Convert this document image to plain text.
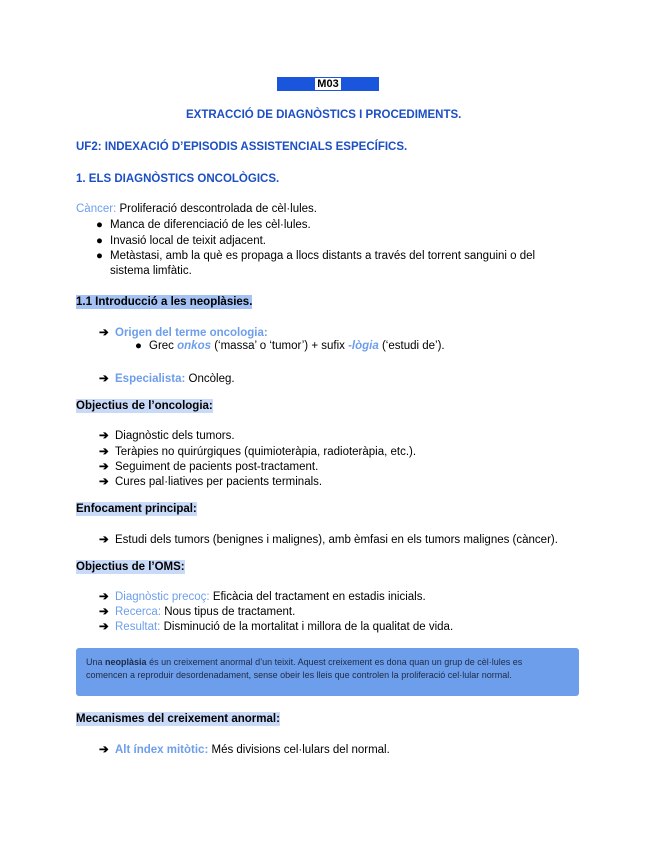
M03
EXTRACCIÓ DE DIAGNÒSTICS I PROCEDIMENTS.
UF2: INDEXACIÓ D’EPISODIS ASSISTENCIALS ESPECÍFICS.
1. ELS DIAGNÒSTICS ONCOLÒGICS.
Càncer: Proliferació descontrolada de cèl·lules.
● Manca de diferenciació de les cèl·lules.
● Invasió local de teixit adjacent.
● Metàstasi, amb la què es propaga a llocs distants a través del torrent sanguini o del
sistema limfàtic.
1.1 Introducció a les neoplàsies.
➔ Origen del terme oncologia:
● Grec onkos (‘massa’ o ‘tumor’) + sufix -lògia (‘estudi de’).
➔ Especialista: Oncòleg.
Objectius de l’oncologia:
➔ Diagnòstic dels tumors.
➔ Teràpies no quirúrgiques (quimioteràpia, radioteràpia, etc.).
➔ Seguiment de pacients post-tractament.
➔ Cures pal·liatives per pacients terminals.
Enfocament principal:
➔ Estudi dels tumors (benignes i malignes), amb èmfasi en els tumors malignes (càncer).
Objectius de l’OMS:
➔ Diagnòstic precoç: Eficàcia del tractament en estadis inicials.
➔ Recerca: Nous tipus de tractament.
➔ Resultat: Disminució de la mortalitat i millora de la qualitat de vida.
Una neoplàsia és un creixement anormal d’un teixit. Aquest creixement es dona quan un grup de cèl·lules es
comencen a reproduir desordenadament, sense obeir les lleis que controlen la proliferació cel·lular normal.
Mecanismes del creixement anormal:
➔ Alt índex mitòtic: Més divisions cel·lulars del normal.
